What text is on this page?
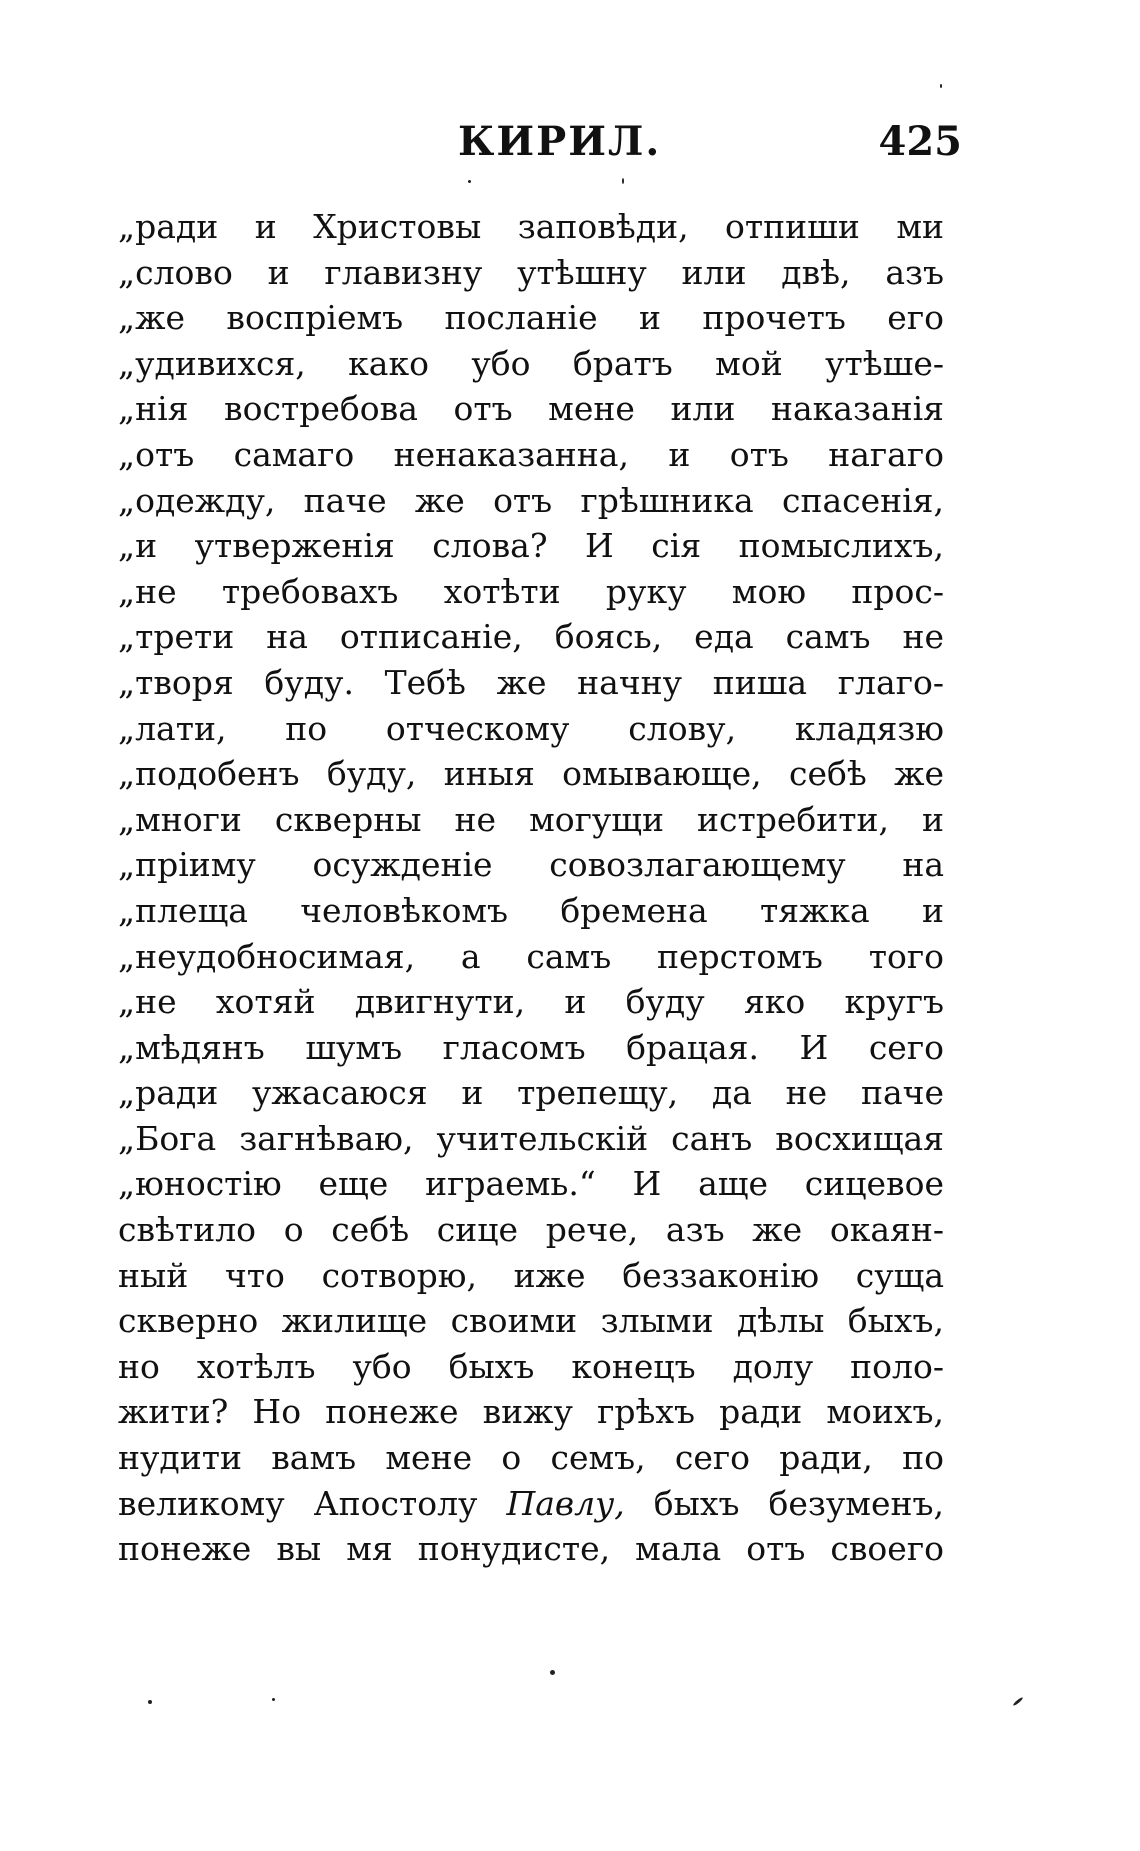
КИРИЛ.	425
„ради и Христовы заповѣди, отпиши ми
„слово и главизну утѣшну или двѣ, азъ
„же воспріемъ посланіе и прочетъ его
„удивихся, како убо братъ мой утѣше-
„нія востребова отъ мене или наказанія
„отъ самаго ненаказанна, и отъ нагаго
„одежду, паче же отъ грѣшника спасенія,
„и утверженія слова? И сія помыслихъ,
„не требовахъ хотѣти руку мою прос-
„трети на отписаніе, боясь, еда самъ не
„творя буду. Тебѣ же начну пиша глаго-
„лати, по отческому слову, кладязю
„подобенъ буду, иныя омывающе, себѣ же
„многи скверны не могущи истребити, и
„пріиму осужденіе совозлагающему на
„плеща человѣкомъ бремена тяжка и
„неудобносимая, а самъ перстомъ того
„не хотяй двигнути, и буду яко кругъ
„мѣдянъ шумъ гласомъ брацая. И сего
„ради ужасаюся и трепещу, да не паче
„Бога загнѣваю, учительскій санъ восхищая
„юностію еще играемь.“ И аще сицевое
свѣтило о себѣ сице рече, азъ же окаян-
ный что сотворю, иже беззаконію суща
скверно жилище своими злыми дѣлы быхъ,
но хотѣлъ убо быхъ конецъ долу поло-
жити? Но понеже вижу грѣхъ ради моихъ,
нудити вамъ мене о семъ, сего ради, по
великому Апостолу Павлу, быхъ безуменъ,
понеже вы мя понудисте, мала отъ своего
